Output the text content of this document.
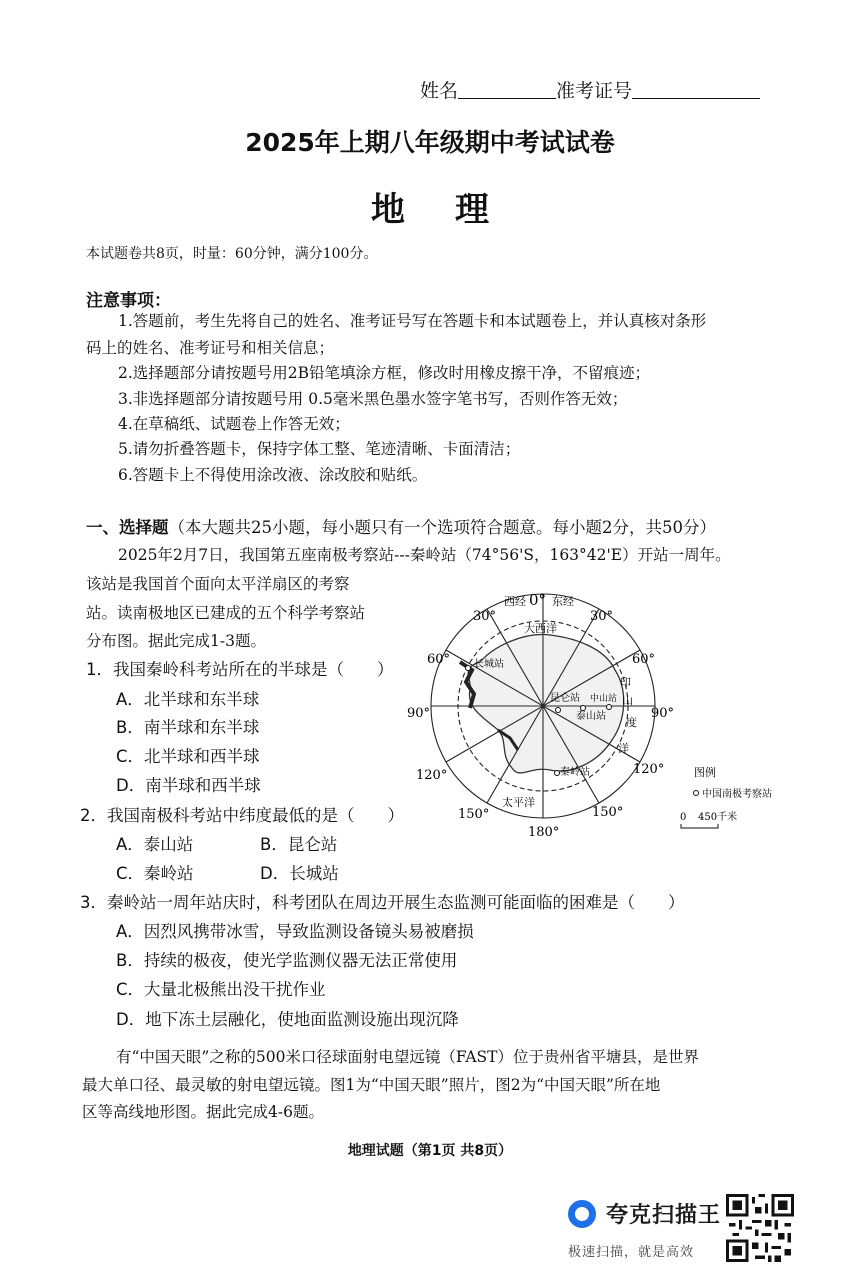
姓名	准考证号
2025年上期八年级期中考试试卷
地理
本试题卷共8页，时量：60分钟，满分100分。
注意事项：
1.答题前，考生先将自己的姓名、准考证号写在答题卡和本试题卷上，并认真核对条形
码上的姓名、准考证号和相关信息；
2.选择题部分请按题号用2B铅笔填涂方框，修改时用橡皮擦干净，不留痕迹；
3.非选择题部分请按题号用 0.5毫米黑色墨水签字笔书写，否则作答无效；
4.在草稿纸、试题卷上作答无效；
5.请勿折叠答题卡，保持字体工整、笔迹清晰、卡面清洁；
6.答题卡上不得使用涂改液、涂改胶和贴纸。
一、选择题（本大题共25小题，每小题只有一个选项符合题意。每小题2分，共50分）
2025年2月7日，我国第五座南极考察站---秦岭站（74°56'S，163°42'E）开站一周年。
该站是我国首个面向太平洋扇区的考察
站。读南极地区已建成的五个科学考察站
分布图。据此完成1-3题。
1．我国秦岭科考站所在的半球是（　　）
A．北半球和东半球
B．南半球和东半球
C．北半球和西半球
D．南半球和西半球
2．我国南极科考站中纬度最低的是（　　）
A．泰山站	B．昆仑站
C．秦岭站	D．长城站
3．秦岭站一周年站庆时，科考团队在周边开展生态监测可能面临的困难是（　　）
A．因烈风携带冰雪，导致监测设备镜头易被磨损
B．持续的极夜，使光学监测仪器无法正常使用
C．大量北极熊出没干扰作业
D．地下冻土层融化，使地面监测设施出现沉降
有“中国天眼”之称的500米口径球面射电望远镜（FAST）位于贵州省平塘县，是世界
最大单口径、最灵敏的射电望远镜。图1为“中国天眼”照片，图2为“中国天眼”所在地
区等高线地形图。据此完成4-6题。
长城站
昆仑站
泰山站
中山站
秦岭站
西经 0° 东经
30°	30°
60°	60°
90°	90°
120°	120°
150°	150°
180°
大西洋
印
山
度
洋
太平洋
图例
中国南极考察站
0 450千米
地理试题（第1页 共8页）
夸克扫描王
极速扫描，就是高效
